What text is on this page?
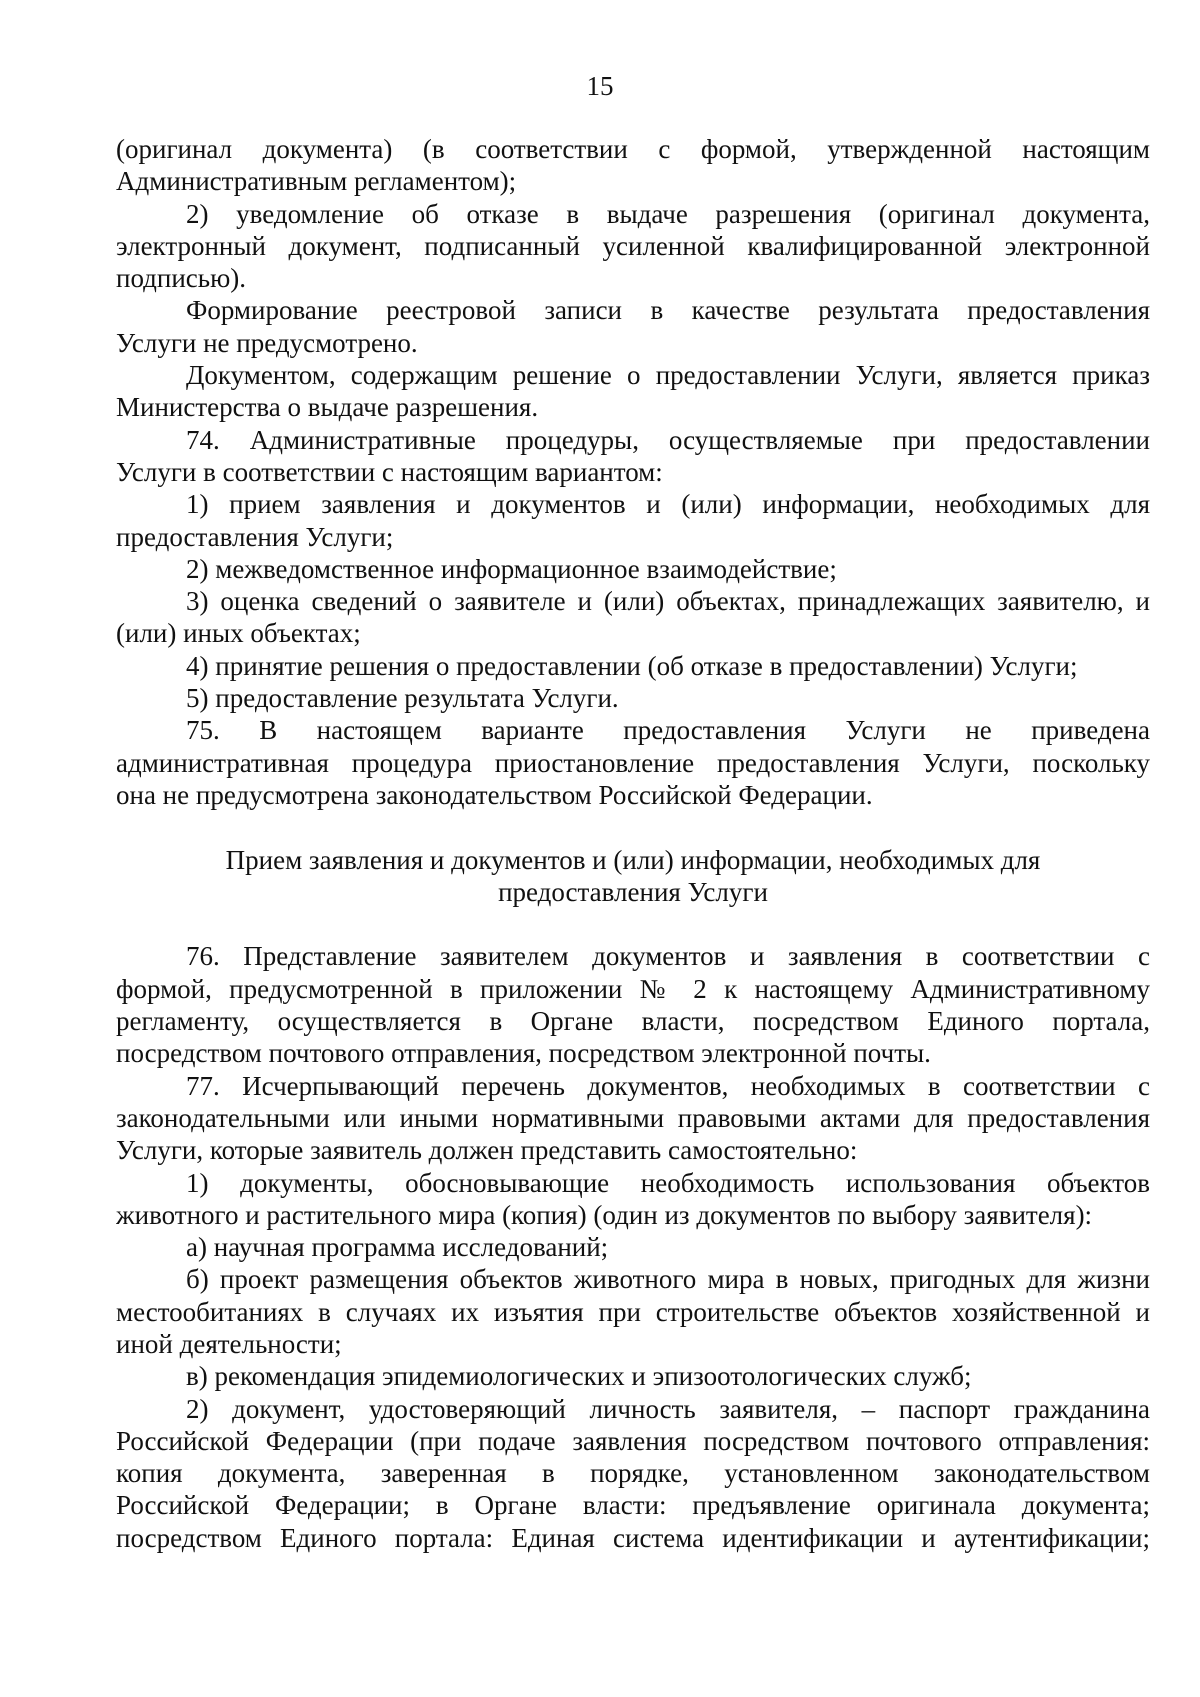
15
(оригинал документа) (в соответствии с формой, утвержденной настоящим
Административным регламентом);
2) уведомление об отказе в выдаче разрешения (оригинал документа,
электронный документ, подписанный усиленной квалифицированной электронной
подписью).
Формирование реестровой записи в качестве результата предоставления
Услуги не предусмотрено.
Документом, содержащим решение о предоставлении Услуги, является приказ
Министерства о выдаче разрешения.
74. Административные процедуры, осуществляемые при предоставлении
Услуги в соответствии с настоящим вариантом:
1) прием заявления и документов и (или) информации, необходимых для
предоставления Услуги;
2) межведомственное информационное взаимодействие;
3) оценка сведений о заявителе и (или) объектах, принадлежащих заявителю, и
(или) иных объектах;
4) принятие решения о предоставлении (об отказе в предоставлении) Услуги;
5) предоставление результата Услуги.
75. В настоящем варианте предоставления Услуги не приведена
административная процедура приостановление предоставления Услуги, поскольку
она не предусмотрена законодательством Российской Федерации.
Прием заявления и документов и (или) информации, необходимых для
предоставления Услуги
76. Представление заявителем документов и заявления в соответствии с
формой, предусмотренной в приложении № 2 к настоящему Административному
регламенту, осуществляется в Органе власти, посредством Единого портала,
посредством почтового отправления, посредством электронной почты.
77. Исчерпывающий перечень документов, необходимых в соответствии с
законодательными или иными нормативными правовыми актами для предоставления
Услуги, которые заявитель должен представить самостоятельно:
1) документы, обосновывающие необходимость использования объектов
животного и растительного мира (копия) (один из документов по выбору заявителя):
а) научная программа исследований;
б) проект размещения объектов животного мира в новых, пригодных для жизни
местообитаниях в случаях их изъятия при строительстве объектов хозяйственной и
иной деятельности;
в) рекомендация эпидемиологических и эпизоотологических служб;
2) документ, удостоверяющий личность заявителя, – паспорт гражданина
Российской Федерации (при подаче заявления посредством почтового отправления:
копия документа, заверенная в порядке, установленном законодательством
Российской Федерации; в Органе власти: предъявление оригинала документа;
посредством Единого портала: Единая система идентификации и аутентификации;
